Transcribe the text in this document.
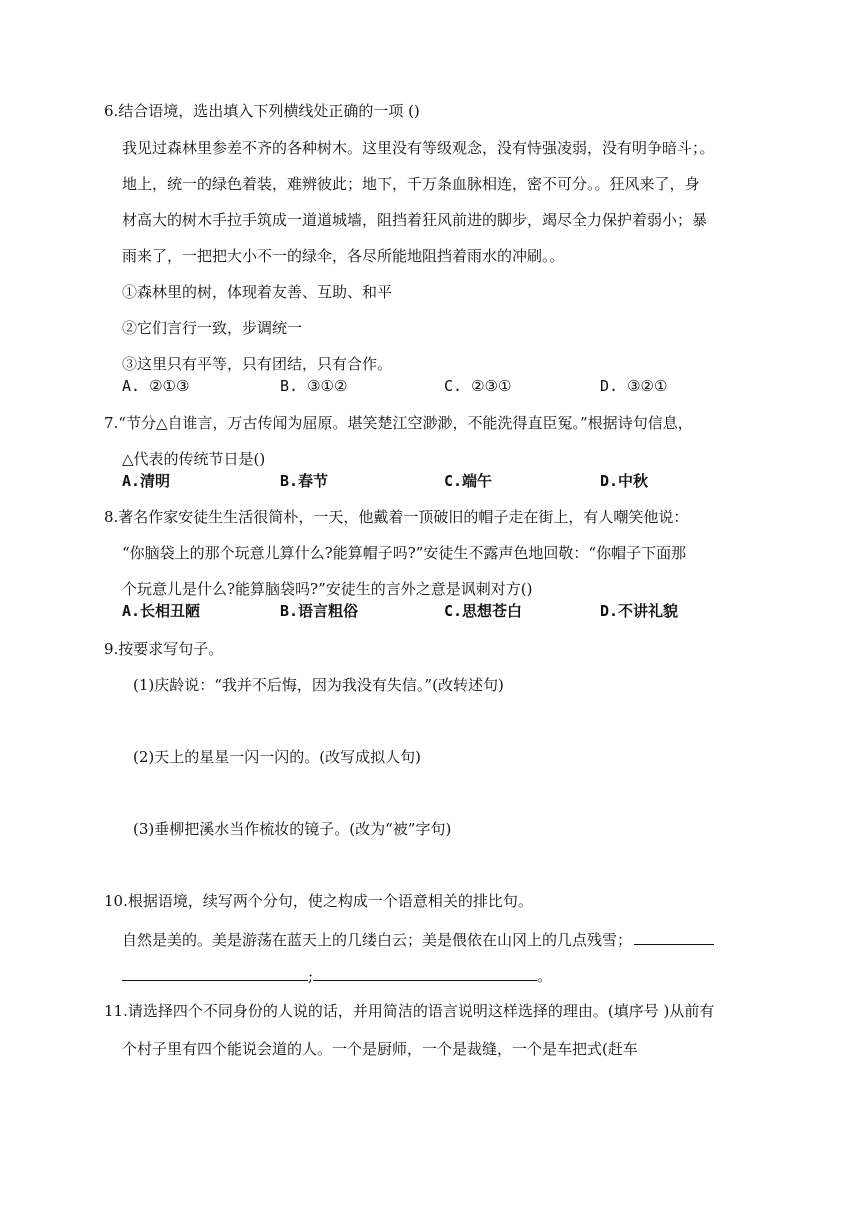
6.结合语境，选出填入下列横线处正确的一项 ()
我见过森林里参差不齐的各种树木。这里没有等级观念，没有恃强凌弱，没有明争暗斗；。
地上，统一的绿色着装，难辨彼此；地下，千万条血脉相连，密不可分。。狂风来了，身
材高大的树木手拉手筑成一道道城墙，阻挡着狂风前进的脚步，竭尽全力保护着弱小；暴
雨来了，一把把大小不一的绿伞，各尽所能地阻挡着雨水的冲刷。。
①森林里的树，体现着友善、互助、和平
②它们言行一致，步调统一
③这里只有平等，只有团结，只有合作。
A. ②①③	B. ③①②	C. ②③①	D. ③②①
7.“节分△自谁言，万古传闻为屈原。堪笑楚江空渺渺，不能洗得直臣冤。”根据诗句信息，
△代表的传统节日是()
A.清明	B.春节	C.端午	D.中秋
8.著名作家安徒生生活很简朴，一天，他戴着一顶破旧的帽子走在街上，有人嘲笑他说：
“你脑袋上的那个玩意儿算什么?能算帽子吗?”安徒生不露声色地回敬：“你帽子下面那
个玩意儿是什么?能算脑袋吗?”安徒生的言外之意是讽刺对方()
A.长相丑陋	B.语言粗俗	C.思想苍白	D.不讲礼貌
9.按要求写句子。
(1)庆龄说：“我并不后悔，因为我没有失信。”(改转述句)
(2)天上的星星一闪一闪的。(改写成拟人句)
(3)垂柳把溪水当作梳妆的镜子。(改为“被”字句)
10.根据语境，续写两个分句，使之构成一个语意相关的排比句。
自然是美的。美是游荡在蓝天上的几缕白云；美是偎依在山冈上的几点残雪；
;	。
11.请选择四个不同身份的人说的话，并用简洁的语言说明这样选择的理由。(填序号 )从前有
个村子里有四个能说会道的人。一个是厨师，一个是裁缝，一个是车把式(赶车
